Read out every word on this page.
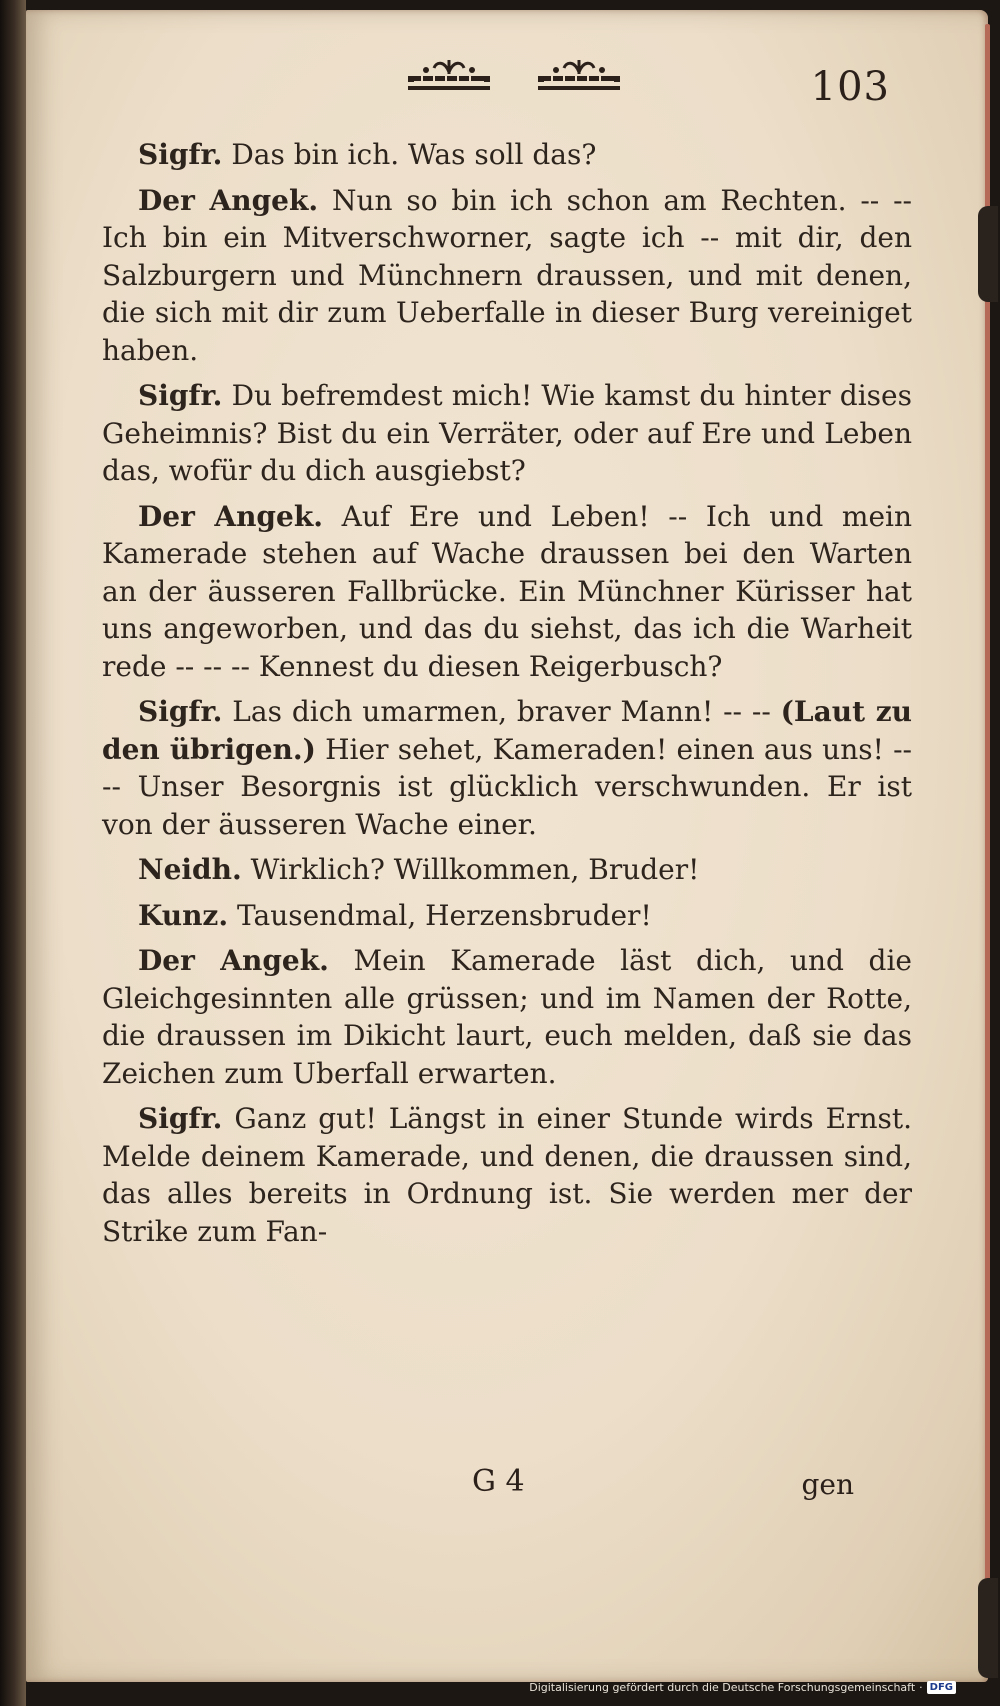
103

Sigfr. Das bin ich. Was soll das?

Der Angek. Nun so bin ich schon am Rechten. -- -- Ich bin ein Mitverschworner, sagte ich -- mit dir, den Salzburgern und Münchnern draussen, und mit denen, die sich mit dir zum Ueberfalle in dieser Burg vereiniget haben.

Sigfr. Du befremdest mich! Wie kamst du hinter dises Geheimnis? Bist du ein Verräter, oder auf Ere und Leben das, wofür du dich ausgiebst?

Der Angek. Auf Ere und Leben! -- Ich und mein Kamerade stehen auf Wache draussen bei den Warten an der äusseren Fallbrücke. Ein Münchner Kürisser hat uns angeworben, und das du siehst, das ich die Warheit rede -- -- -- Kennest du diesen Reigerbusch?

Sigfr. Las dich umarmen, braver Mann! -- -- (Laut zu den übrigen.) Hier sehet, Kameraden! einen aus uns! -- -- Unser Besorgnis ist glücklich verschwunden. Er ist von der äusseren Wache einer.

Neidh. Wirklich? Willkommen, Bruder!

Kunz. Tausendmal, Herzensbruder!

Der Angek. Mein Kamerade läst dich, und die Gleichgesinnten alle grüssen; und im Namen der Rotte, die draussen im Dikicht laurt, euch melden, daß sie das Zeichen zum Uberfall erwarten.

Sigfr. Ganz gut! Längst in einer Stunde wirds Ernst. Melde deinem Kamerade, und denen, die draussen sind, das alles bereits in Ordnung ist. Sie werden mer der Strike zum Fan-

G 4	gen
Digitalisierung gefördert durch die Deutsche Forschungsgemeinschaft · DFG
